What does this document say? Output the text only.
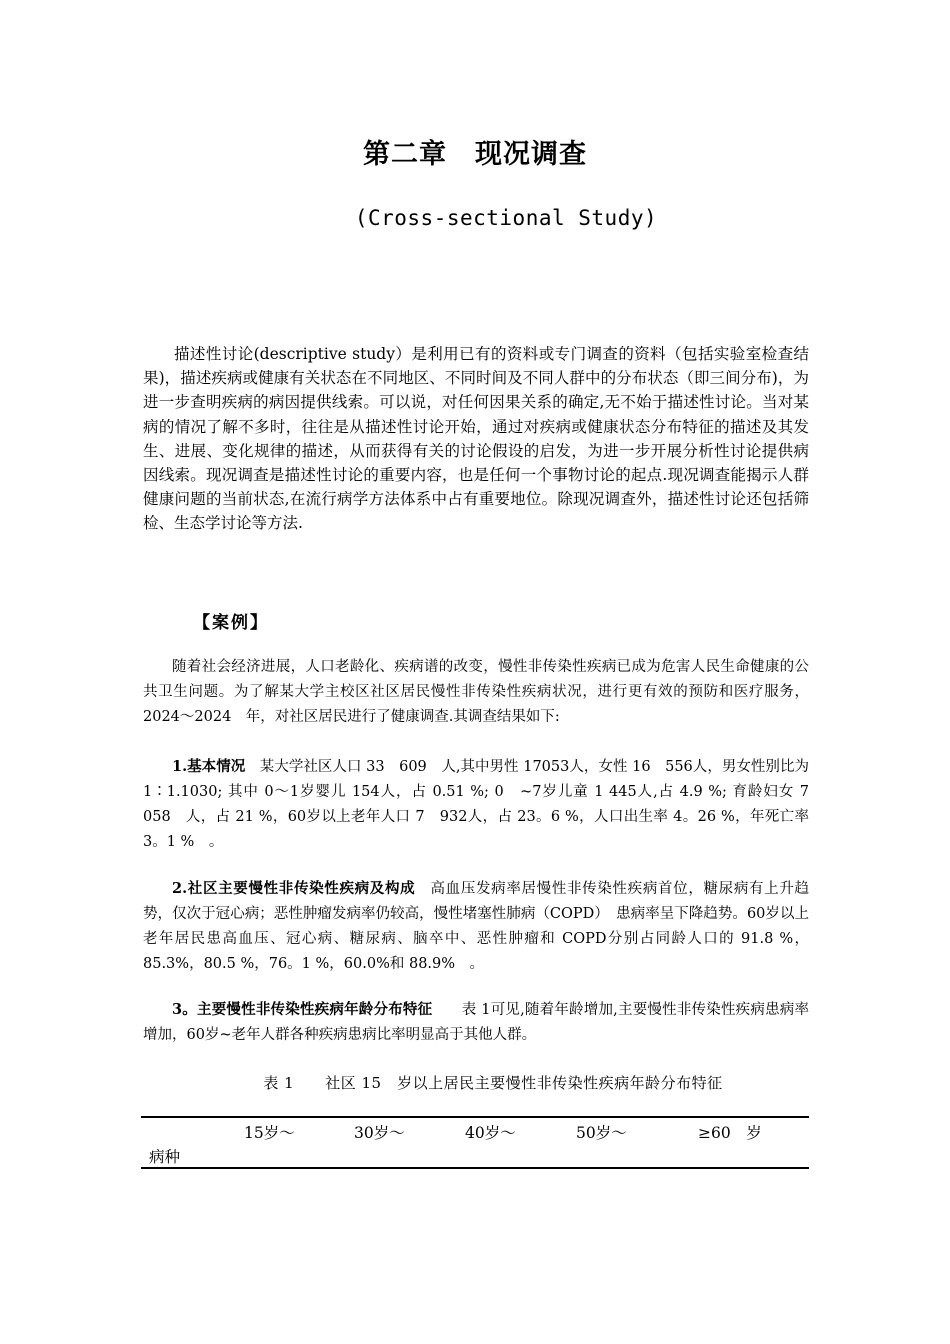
第二章　现况调查
(Cross-sectional Study)
描述性讨论(descriptive study）是利用已有的资料或专门调查的资料（包括实验室检查结果)，描述疾病或健康有关状态在不同地区、不同时间及不同人群中的分布状态（即三间分布)，为进一步查明疾病的病因提供线索。可以说，对任何因果关系的确定,无不始于描述性讨论。当对某病的情况了解不多时，往往是从描述性讨论开始，通过对疾病或健康状态分布特征的描述及其发生、进展、变化规律的描述，从而获得有关的讨论假设的启发，为进一步开展分析性讨论提供病因线索。现况调查是描述性讨论的重要内容，也是任何一个事物讨论的起点.现况调查能揭示人群健康问题的当前状态,在流行病学方法体系中占有重要地位。除现况调查外，描述性讨论还包括筛检、生态学讨论等方法.
【案例】
随着社会经济进展，人口老龄化、疾病谱的改变，慢性非传染性疾病已成为危害人民生命健康的公共卫生问题。为了解某大学主校区社区居民慢性非传染性疾病状况，进行更有效的预防和医疗服务，2024～2024　年，对社区居民进行了健康调查.其调查结果如下:
1.基本情况　某大学社区人口 33　609　人,其中男性 17053人，女性 16　556人，男女性别比为 1∶1.1030; 其中 0～1岁婴儿 154人，占 0.51 %; 0　~7岁儿童 1 445人,占 4.9 %; 育龄妇女 7　058　人，占 21 %，60岁以上老年人口 7　932人，占 23。6 %，人口出生率 4。26 %，年死亡率 3。1 %　。
2.社区主要慢性非传染性疾病及构成　高血压发病率居慢性非传染性疾病首位，糖尿病有上升趋势，仅次于冠心病；恶性肿瘤发病率仍较高，慢性堵塞性肺病（COPD）　患病率呈下降趋势。60岁以上老年居民患高血压、冠心病、糖尿病、脑卒中、恶性肿瘤和 COPD分别占同龄人口的 91.8 %，85.3%，80.5 %，76。1 %，60.0%和 88.9%　。
3。主要慢性非传染性疾病年龄分布特征　　表 1可见,随着年龄增加,主要慢性非传染性疾病患病率增加，60岁~老年人群各种疾病患病比率明显高于其他人群。
表 1　　社区 15　岁以上居民主要慢性非传染性疾病年龄分布特征
15岁～	30岁～	40岁～	50岁～	≥60　岁
病种
